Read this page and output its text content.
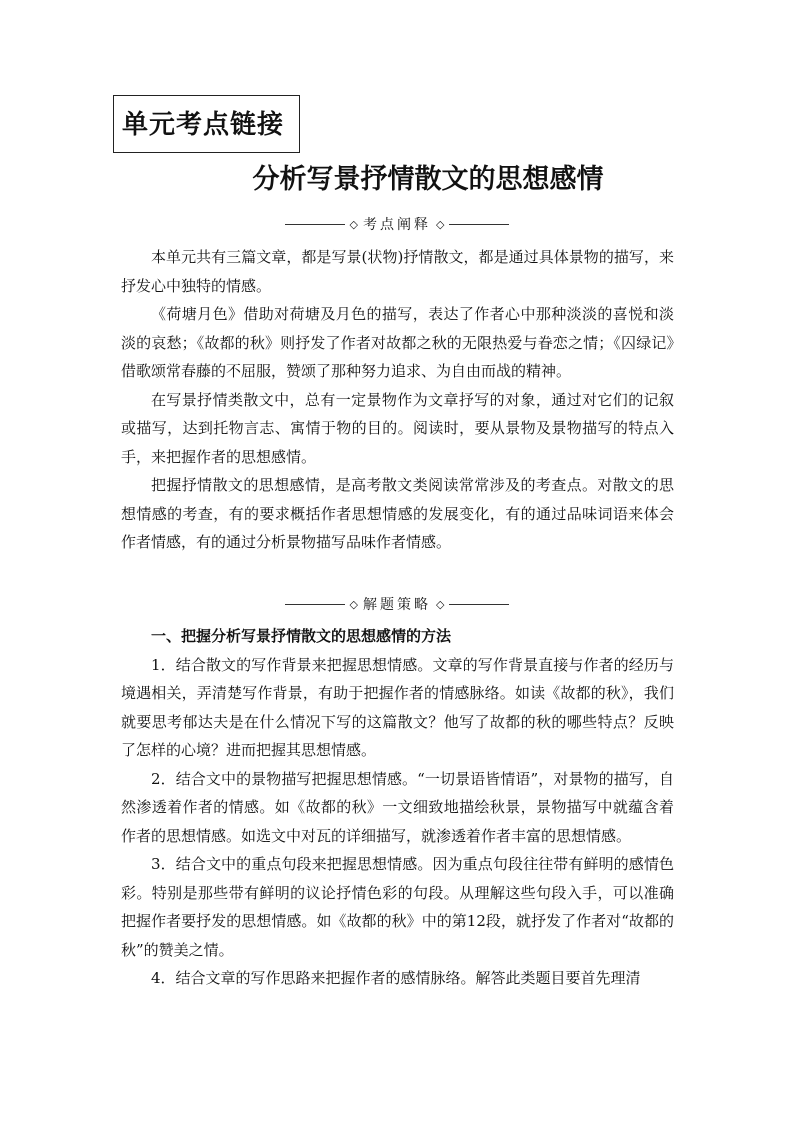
单元考点链接
分析写景抒情散文的思想感情
◇ 考点阐释 ◇

本单元共有三篇文章，都是写景(状物)抒情散文，都是通过具体景物的描写，来抒发心中独特的情感。

《荷塘月色》借助对荷塘及月色的描写，表达了作者心中那种淡淡的喜悦和淡淡的哀愁；《故都的秋》则抒发了作者对故都之秋的无限热爱与眷恋之情；《囚绿记》借歌颂常春藤的不屈服，赞颂了那种努力追求、为自由而战的精神。

在写景抒情类散文中，总有一定景物作为文章抒写的对象，通过对它们的记叙或描写，达到托物言志、寓情于物的目的。阅读时，要从景物及景物描写的特点入手，来把握作者的思想感情。

把握抒情散文的思想感情，是高考散文类阅读常常涉及的考查点。对散文的思想情感的考查，有的要求概括作者思想情感的发展变化，有的通过品味词语来体会作者情感，有的通过分析景物描写品味作者情感。

◇ 解题策略 ◇

一、把握分析写景抒情散文的思想感情的方法

1．结合散文的写作背景来把握思想情感。文章的写作背景直接与作者的经历与境遇相关，弄清楚写作背景，有助于把握作者的情感脉络。如读《故都的秋》，我们就要思考郁达夫是在什么情况下写的这篇散文？他写了故都的秋的哪些特点？反映了怎样的心境？进而把握其思想情感。

2．结合文中的景物描写把握思想情感。“一切景语皆情语”，对景物的描写，自然渗透着作者的情感。如《故都的秋》一文细致地描绘秋景，景物描写中就蕴含着作者的思想情感。如选文中对瓦的详细描写，就渗透着作者丰富的思想情感。

3．结合文中的重点句段来把握思想情感。因为重点句段往往带有鲜明的感情色彩。特别是那些带有鲜明的议论抒情色彩的句段。从理解这些句段入手，可以准确把握作者要抒发的思想情感。如《故都的秋》中的第12段，就抒发了作者对“故都的秋”的赞美之情。

4．结合文章的写作思路来把握作者的感情脉络。解答此类题目要首先理清
